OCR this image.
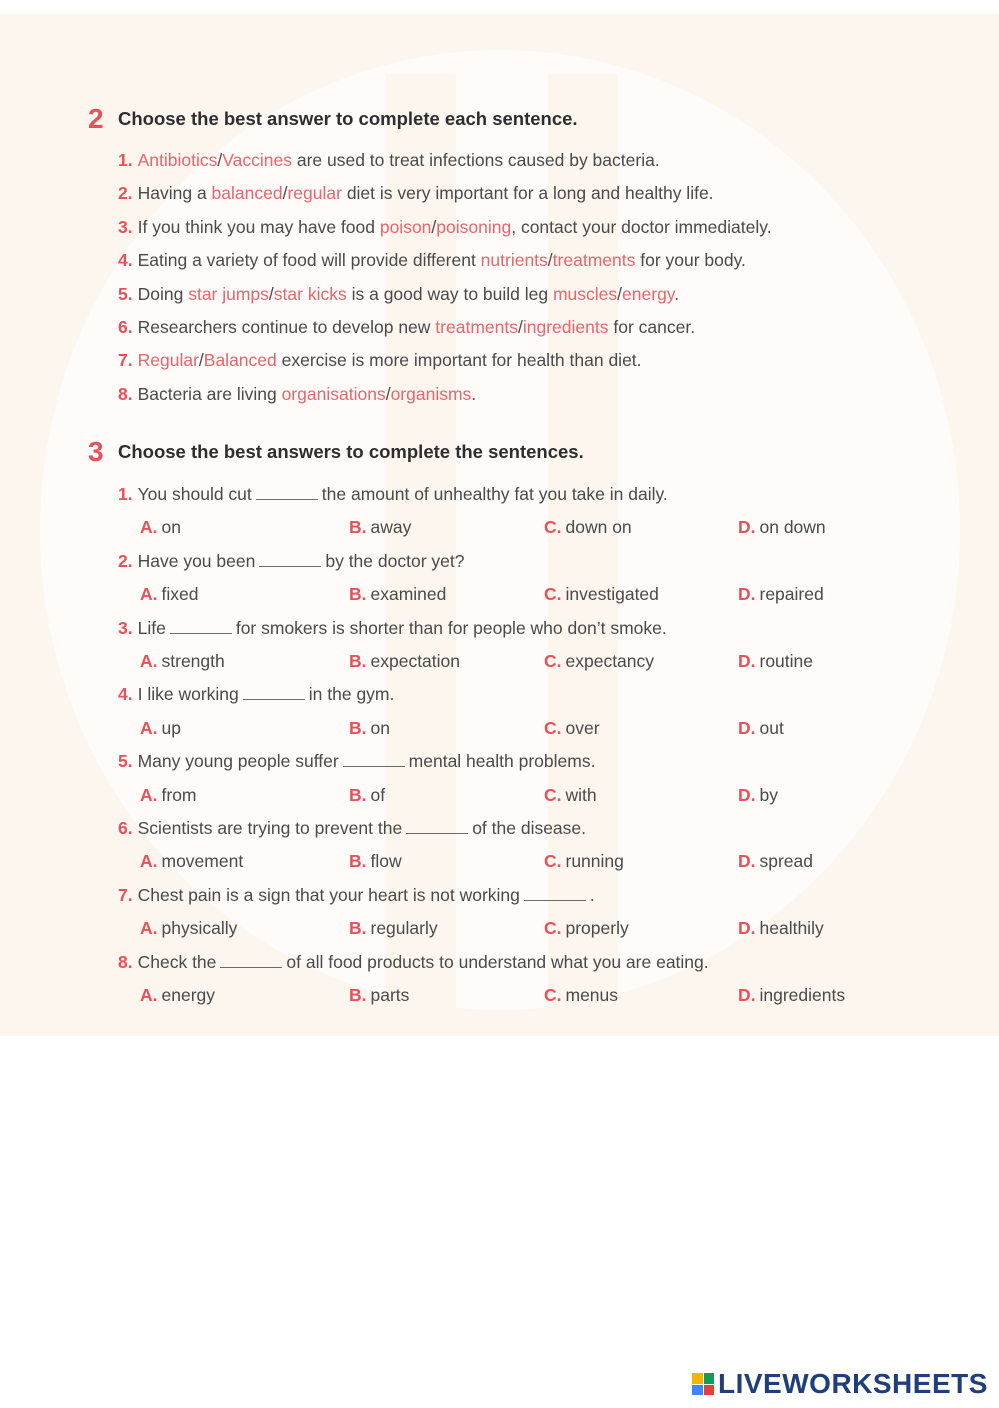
2 Choose the best answer to complete each sentence.
1. Antibiotics/Vaccines are used to treat infections caused by bacteria.
2. Having a balanced/regular diet is very important for a long and healthy life.
3. If you think you may have food poison/poisoning, contact your doctor immediately.
4. Eating a variety of food will provide different nutrients/treatments for your body.
5. Doing star jumps/star kicks is a good way to build leg muscles/energy.
6. Researchers continue to develop new treatments/ingredients for cancer.
7. Regular/Balanced exercise is more important for health than diet.
8. Bacteria are living organisations/organisms.
3 Choose the best answers to complete the sentences.
1. You should cut	the amount of unhealthy fat you take in daily.
A. on	B. away	C. down on	D. on down
2. Have you been	by the doctor yet?
A. fixed	B. examined	C. investigated	D. repaired
3. Life	for smokers is shorter than for people who don’t smoke.
A. strength	B. expectation	C. expectancy	D. routine
4. I like working	in the gym.
A. up	B. on	C. over	D. out
5. Many young people suffer	mental health problems.
A. from	B. of	C. with	D. by
6. Scientists are trying to prevent the	of the disease.
A. movement	B. flow	C. running	D. spread
7. Chest pain is a sign that your heart is not working	.
A. physically	B. regularly	C. properly	D. healthily
8. Check the	of all food products to understand what you are eating.
A. energy	B. parts	C. menus	D. ingredients
LIVEWORKSHEETS
